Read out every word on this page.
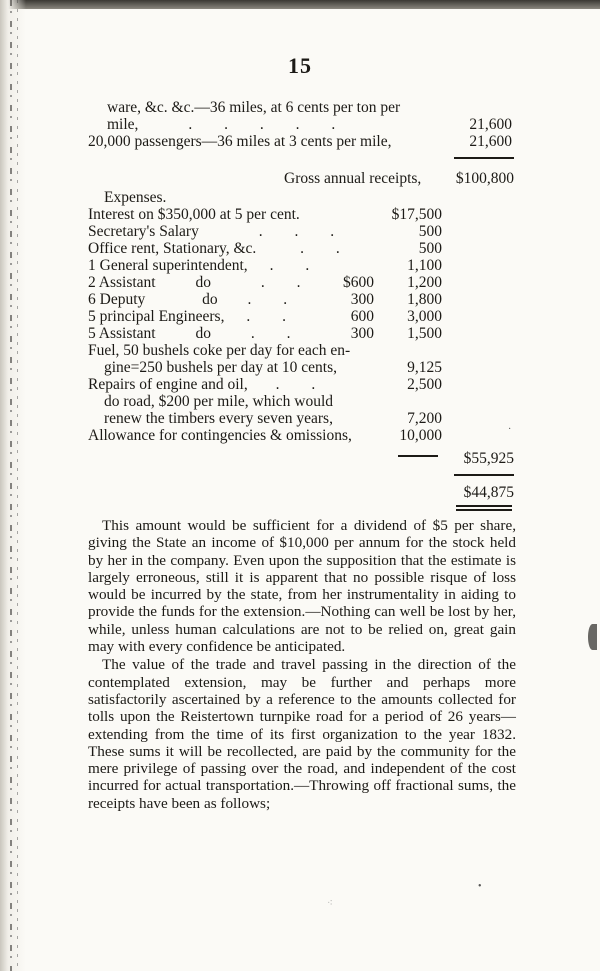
15
ware, &c. &c.—36 miles, at 6 cents per ton per
mile,	. . . . .	21,600
20,000 passengers—36 miles at 3 cents per mile,	21,600
Gross annual receipts,	$100,800
Expenses.
Interest on $350,000 at 5 per cent.	$17,500
Secretary's Salary	. . .	500
Office rent, Stationary, &c.	. .	500
1 General superintendent, . .	1,100
2 Assistant	do	. .	$600	1,200
6 Deputy	do . .	300	1,800
5 principal Engineers, . .	600	3,000
5 Assistant	do	. .	300	1,500
Fuel, 50 bushels coke per day for each en-
gine=250 bushels per day at 10 cents,	9,125
Repairs of engine and oil, . .	2,500
do road, $200 per mile, which would
renew the timbers every seven years,	7,200
Allowance for contingencies & omissions,	10,000
$55,925
$44,875

This amount would be sufficient for a dividend of $5 per share, giving the State an income of $10,000 per annum for the stock held by her in the company. Even upon the supposition that the estimate is largely erroneous, still it is apparent that no possible risque of loss would be incurred by the state, from her instrumentality in aiding to provide the funds for the extension.—Nothing can well be lost by her, while, unless human calculations are not to be relied on, great gain may with every confidence be anticipated.

The value of the trade and travel passing in the direction of the contemplated extension, may be further and perhaps more satisfactorily ascertained by a reference to the amounts collected for tolls upon the Reistertown turnpike road for a period of 26 years—extending from the time of its first organization to the year 1832. These sums it will be recollected, are paid by the community for the mere privilege of passing over the road, and independent of the cost incurred for actual transportation.—Throwing off fractional sums, the receipts have been as follows;

⁖
•
·
